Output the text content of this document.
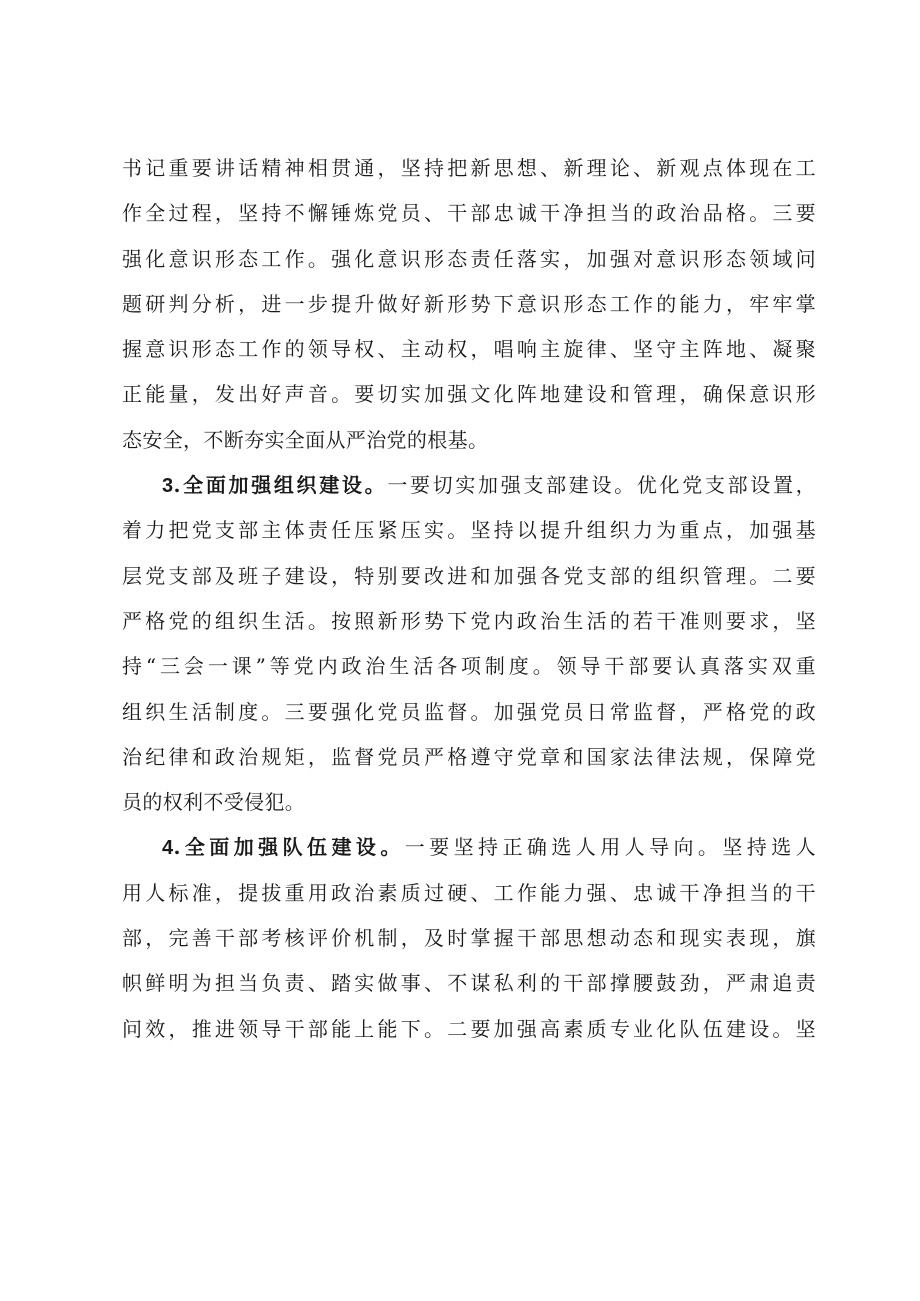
书记重要讲话精神相贯通，坚持把新思想、新理论、新观点体现在工
作全过程，坚持不懈锤炼党员、干部忠诚干净担当的政治品格。三要
强化意识形态工作。强化意识形态责任落实，加强对意识形态领域问
题研判分析，进一步提升做好新形势下意识形态工作的能力，牢牢掌
握意识形态工作的领导权、主动权，唱响主旋律、坚守主阵地、凝聚
正能量，发出好声音。要切实加强文化阵地建设和管理，确保意识形
态安全，不断夯实全面从严治党的根基。
3.全面加强组织建设。一要切实加强支部建设。优化党支部设置，
着力把党支部主体责任压紧压实。坚持以提升组织力为重点，加强基
层党支部及班子建设，特别要改进和加强各党支部的组织管理。二要
严格党的组织生活。按照新形势下党内政治生活的若干准则要求，坚
持“三会一课”等党内政治生活各项制度。领导干部要认真落实双重
组织生活制度。三要强化党员监督。加强党员日常监督，严格党的政
治纪律和政治规矩，监督党员严格遵守党章和国家法律法规，保障党
员的权利不受侵犯。
4.全面加强队伍建设。一要坚持正确选人用人导向。坚持选人
用人标准，提拔重用政治素质过硬、工作能力强、忠诚干净担当的干
部，完善干部考核评价机制，及时掌握干部思想动态和现实表现，旗
帜鲜明为担当负责、踏实做事、不谋私利的干部撑腰鼓劲，严肃追责
问效，推进领导干部能上能下。二要加强高素质专业化队伍建设。坚
